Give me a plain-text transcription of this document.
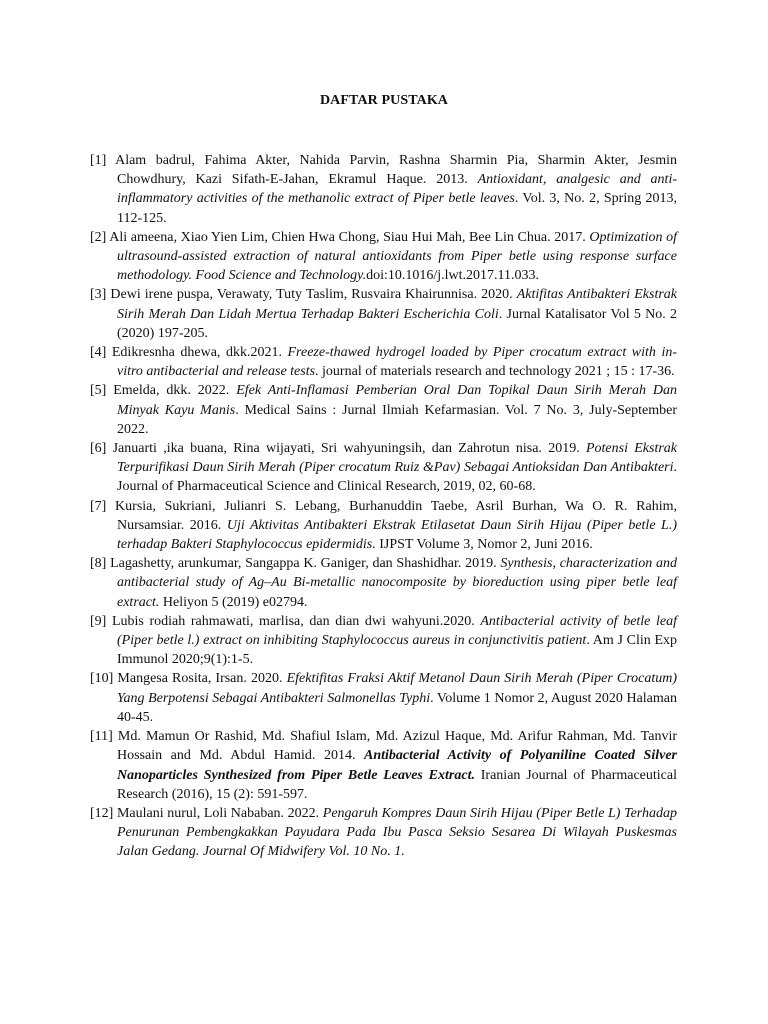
DAFTAR PUSTAKA
[1] Alam badrul, Fahima Akter, Nahida Parvin, Rashna Sharmin Pia, Sharmin Akter, Jesmin Chowdhury, Kazi Sifath-E-Jahan, Ekramul Haque. 2013. Antioxidant, analgesic and anti-inflammatory activities of the methanolic extract of Piper betle leaves. Vol. 3, No. 2, Spring 2013, 112-125.
[2] Ali ameena, Xiao Yien Lim, Chien Hwa Chong, Siau Hui Mah, Bee Lin Chua. 2017. Optimization of ultrasound-assisted extraction of natural antioxidants from Piper betle using response surface methodology. Food Science and Technology.doi:10.1016/j.lwt.2017.11.033.
[3] Dewi irene puspa, Verawaty, Tuty Taslim, Rusvaira Khairunnisa. 2020. Aktifitas Antibakteri Ekstrak Sirih Merah Dan Lidah Mertua Terhadap Bakteri Escherichia Coli. Jurnal Katalisator Vol 5 No. 2 (2020) 197-205.
[4] Edikresnha dhewa, dkk.2021. Freeze-thawed hydrogel loaded by Piper crocatum extract with in-vitro antibacterial and release tests. journal of materials research and technology 2021 ; 15 : 17-36.
[5] Emelda, dkk. 2022. Efek Anti-Inflamasi Pemberian Oral Dan Topikal Daun Sirih Merah Dan Minyak Kayu Manis. Medical Sains : Jurnal Ilmiah Kefarmasian. Vol. 7 No. 3, July-September 2022.
[6] Januarti ,ika buana, Rina wijayati, Sri wahyuningsih, dan Zahrotun nisa. 2019. Potensi Ekstrak Terpurifikasi Daun Sirih Merah (Piper crocatum Ruiz &Pav) Sebagai Antioksidan Dan Antibakteri. Journal of Pharmaceutical Science and Clinical Research, 2019, 02, 60-68.
[7] Kursia, Sukriani, Julianri S. Lebang, Burhanuddin Taebe, Asril Burhan, Wa O. R. Rahim, Nursamsiar. 2016. Uji Aktivitas Antibakteri Ekstrak Etilasetat Daun Sirih Hijau (Piper betle L.) terhadap Bakteri Staphylococcus epidermidis. IJPST Volume 3, Nomor 2, Juni 2016.
[8] Lagashetty, arunkumar, Sangappa K. Ganiger, dan Shashidhar. 2019. Synthesis, characterization and antibacterial study of Ag–Au Bi-metallic nanocomposite by bioreduction using piper betle leaf extract. Heliyon 5 (2019) e02794.
[9] Lubis rodiah rahmawati, marlisa, dan dian dwi wahyuni.2020. Antibacterial activity of betle leaf (Piper betle l.) extract on inhibiting Staphylococcus aureus in conjunctivitis patient. Am J Clin Exp Immunol 2020;9(1):1-5.
[10] Mangesa Rosita, Irsan. 2020. Efektifitas Fraksi Aktif Metanol Daun Sirih Merah (Piper Crocatum) Yang Berpotensi Sebagai Antibakteri Salmonellas Typhi. Volume 1 Nomor 2, August 2020 Halaman 40-45.
[11] Md. Mamun Or Rashid, Md. Shafiul Islam, Md. Azizul Haque, Md. Arifur Rahman, Md. Tanvir Hossain and Md. Abdul Hamid. 2014. Antibacterial Activity of Polyaniline Coated Silver Nanoparticles Synthesized from Piper Betle Leaves Extract. Iranian Journal of Pharmaceutical Research (2016), 15 (2): 591-597.
[12] Maulani nurul, Loli Nababan. 2022. Pengaruh Kompres Daun Sirih Hijau (Piper Betle L) Terhadap Penurunan Pembengkakkan Payudara Pada Ibu Pasca Seksio Sesarea Di Wilayah Puskesmas Jalan Gedang. Journal Of Midwifery Vol. 10 No. 1.
